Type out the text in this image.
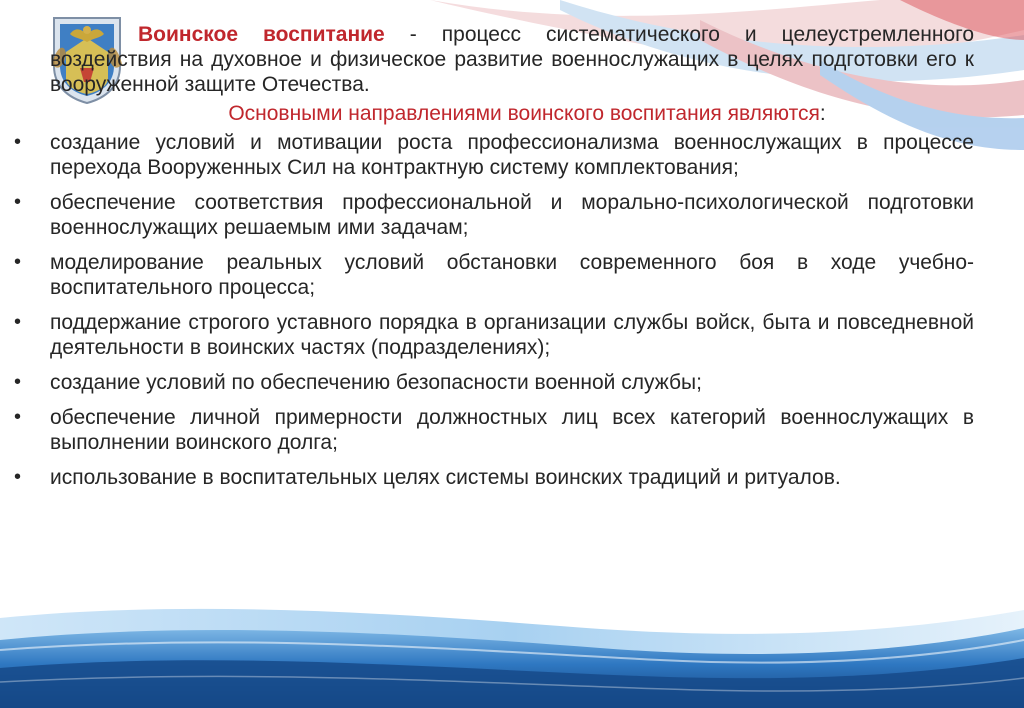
Воинское воспитание - процесс систематического и целеустремленного воздействия на духовное и физическое развитие военнослужащих в целях подготовки его к вооруженной защите Отечества.

Основными направлениями воинского воспитания являются:

• создание условий и мотивации роста профессионализма военнослужащих в процессе перехода Вооруженных Сил на контрактную систему комплектования;
• обеспечение соответствия профессиональной и морально-психологической подготовки военнослужащих решаемым ими задачам;
• моделирование реальных условий обстановки современного боя в ходе учебно-воспитательного процесса;
• поддержание строгого уставного порядка в организации службы войск, быта и повседневной деятельности в воинских частях (подразделениях);
• создание условий по обеспечению безопасности военной службы;
• обеспечение личной примерности должностных лиц всех категорий военнослужащих в выполнении воинского долга;
• использование в воспитательных целях системы воинских традиций и ритуалов.
